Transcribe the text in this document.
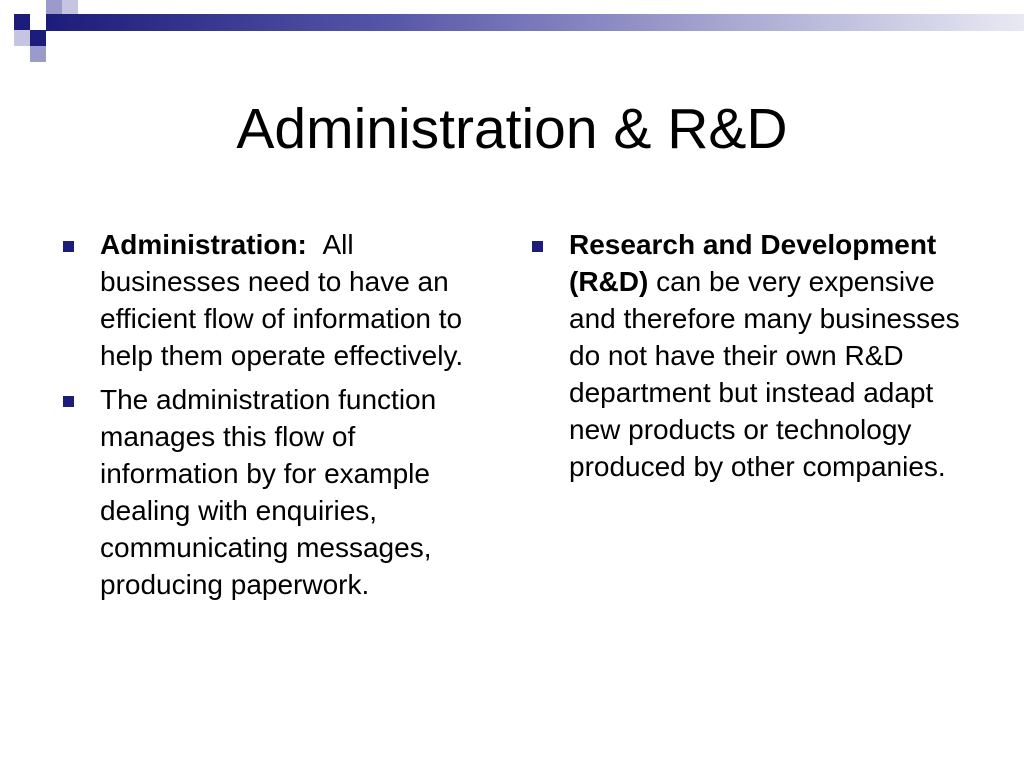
Administration & R&D
Administration: All businesses need to have an efficient flow of information to help them operate effectively.
The administration function manages this flow of information by for example dealing with enquiries, communicating messages, producing paperwork.
Research and Development (R&D) can be very expensive and therefore many businesses do not have their own R&D department but instead adapt new products or technology produced by other companies.
